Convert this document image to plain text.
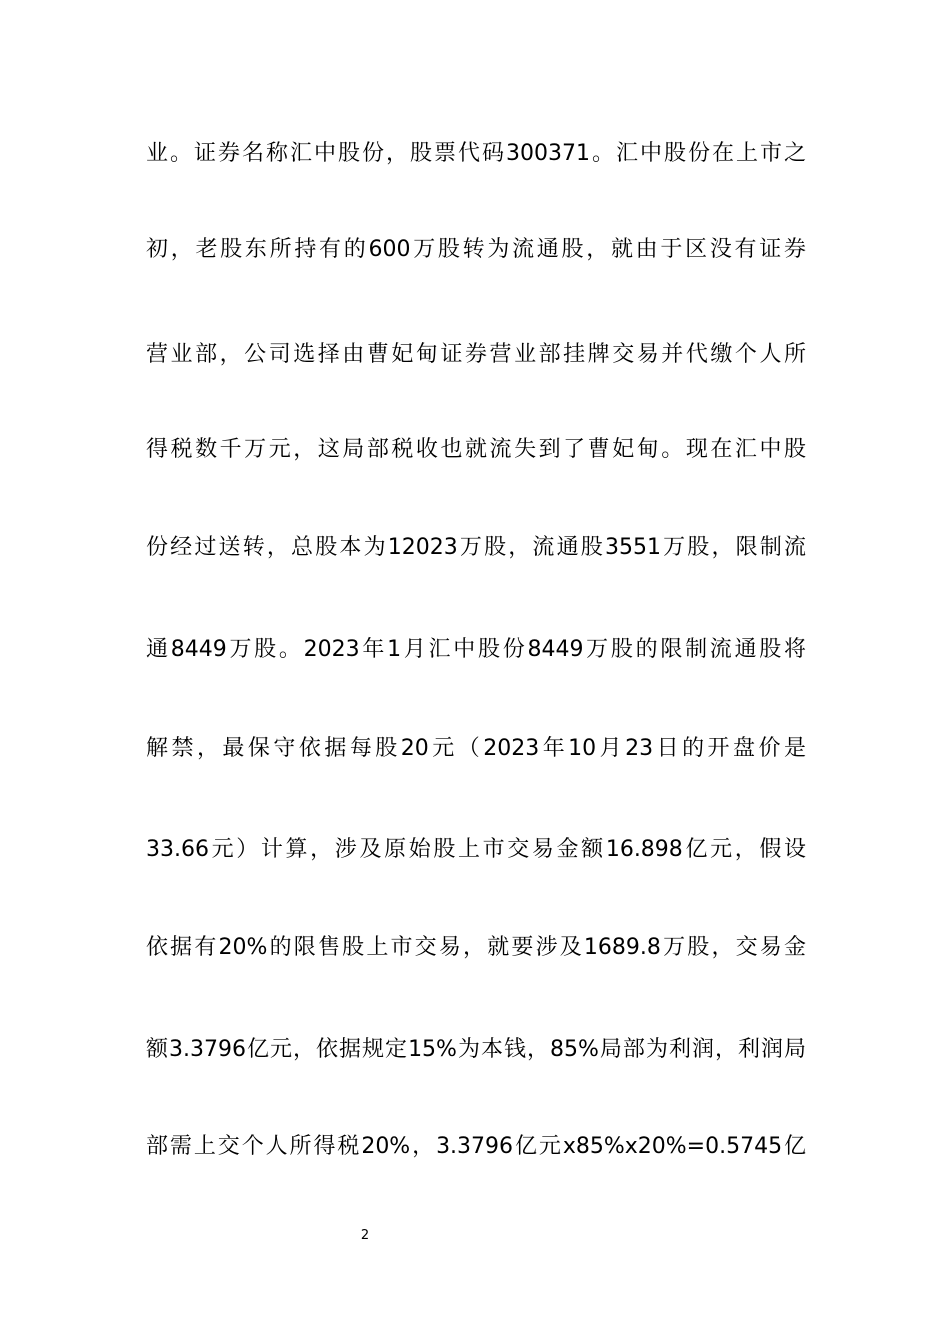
业。证券名称汇中股份，股票代码300371。汇中股份在上市之
初，老股东所持有的600万股转为流通股，就由于区没有证券
营业部，公司选择由曹妃甸证券营业部挂牌交易并代缴个人所
得税数千万元，这局部税收也就流失到了曹妃甸。现在汇中股
份经过送转，总股本为12023万股，流通股3551万股，限制流
通8449万股。2023年1月汇中股份8449万股的限制流通股将
解禁，最保守依据每股20元（2023年10月23日的开盘价是
33.66元）计算，涉及原始股上市交易金额16.898亿元，假设
依据有20%的限售股上市交易，就要涉及1689.8万股，交易金
额3.3796亿元，依据规定15%为本钱，85%局部为利润，利润局
部需上交个人所得税20%，3.3796亿元x85%x20%=0.5745亿
2
